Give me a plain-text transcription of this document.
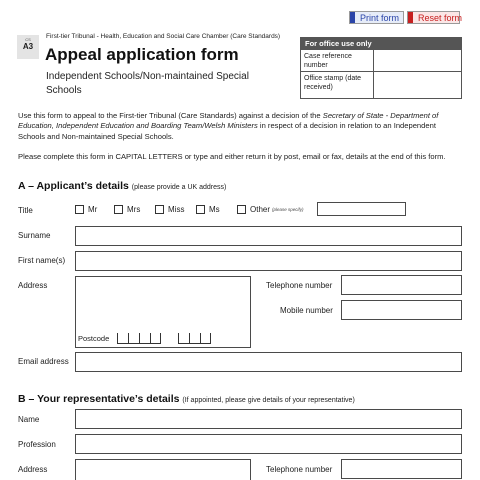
Print form	Reset form
CS
A3
First-tier Tribunal - Health, Education and Social Care Chamber (Care Standards)
Appeal application form
Independent Schools/Non-maintained Special Schools
For office use only
Case reference number
Office stamp (date received)
Use this form to appeal to the First-tier Tribunal (Care Standards) against a decision of the Secretary of State - Department of Education, Independent Education and Boarding Team/Welsh Ministers in respect of a decision in relation to an Independent Schools and Non-maintained Special Schools.
Please complete this form in CAPITAL LETTERS or type and either return it by post, email or fax, details at the end of this form.
A – Applicant’s details (please provide a UK address)
Title	Mr	Mrs	Miss	Ms	Other (please specify)
Surname
First name(s)
Address
Postcode
Telephone number
Mobile number
Email address
B – Your representative’s details (If appointed, please give details of your representative)
Name
Profession
Address	Telephone number
